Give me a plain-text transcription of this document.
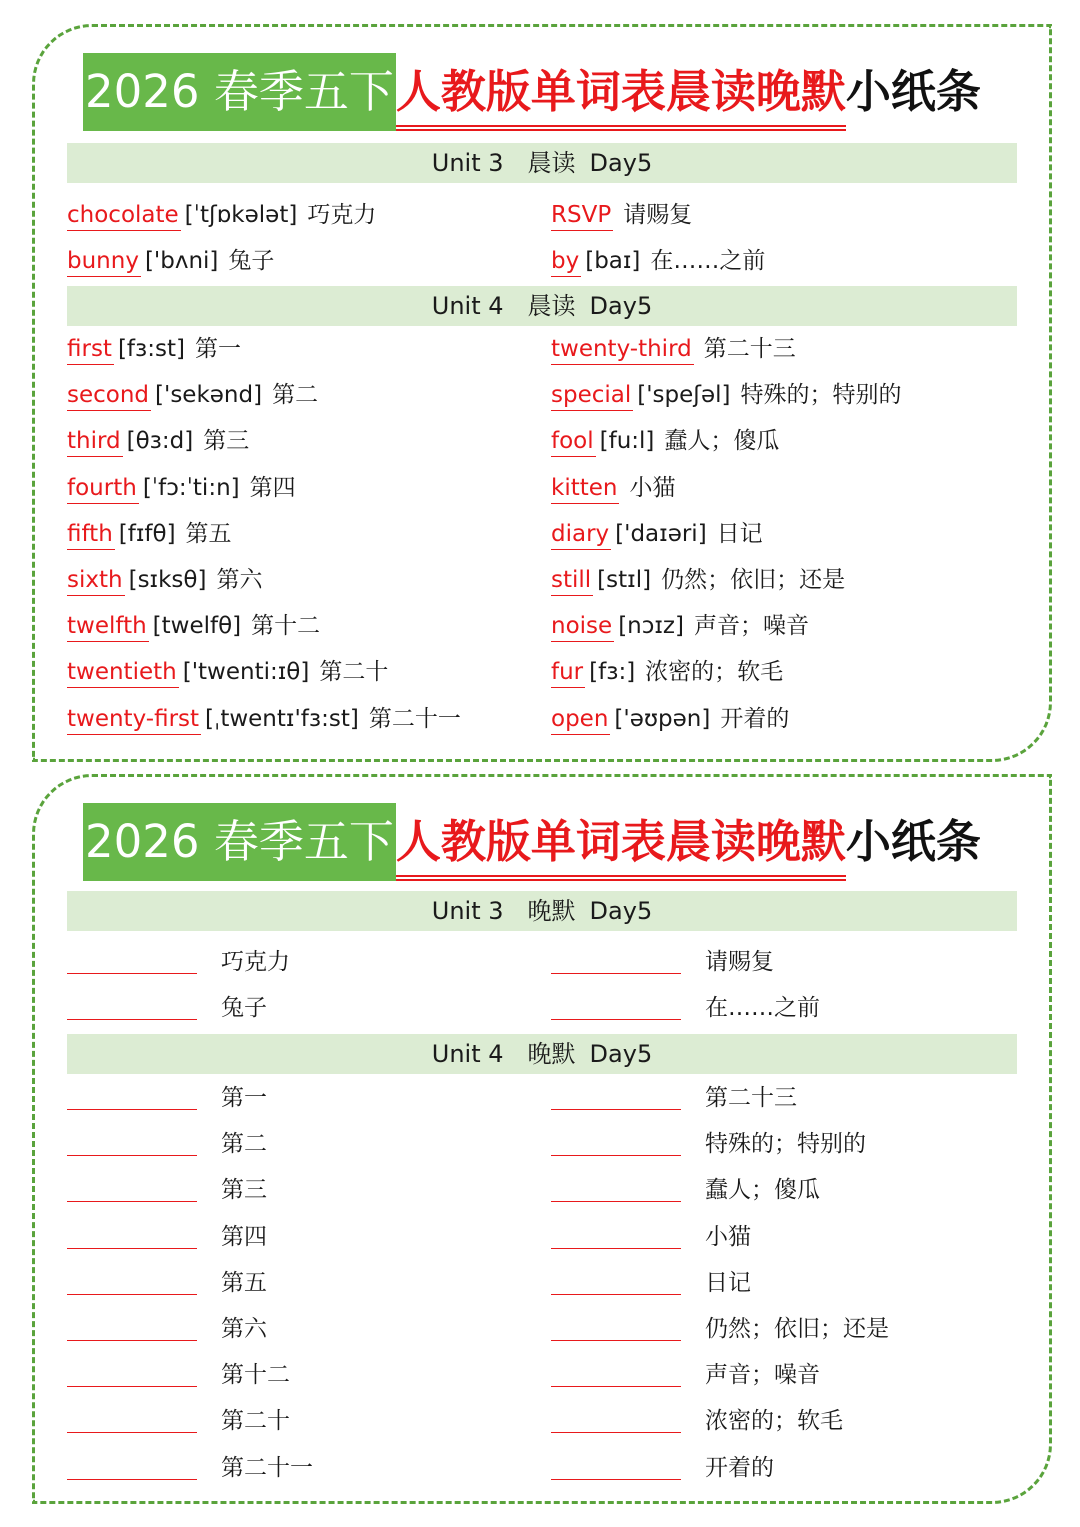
2026 春季五下 人教版单词表晨读晚默 小纸条
Unit 3 晨读 Day5
chocolate [ˈtʃɒkələt] 巧克力
bunny ['bʌni] 兔子
RSVP 请赐复
by [baɪ] 在……之前
Unit 4 晨读 Day5
first [fɜ:st] 第一
second ['sekənd] 第二
third [θɜ:d] 第三
fourth [ˈfɔ:ˈti:n] 第四
fifth [fɪfθ] 第五
sixth [sɪksθ] 第六
twelfth [twelfθ] 第十二
twentieth ['twenti:ɪθ] 第二十
twenty-first [ˌtwentɪ'fɜ:st] 第二十一
twenty-third 第二十三
special ['speʃəl] 特殊的；特别的
fool [fu:l] 蠢人；傻瓜
kitten 小猫
diary ['daɪəri] 日记
still [stɪl] 仍然；依旧；还是
noise [nɔɪz] 声音；噪音
fur [fɜ:] 浓密的；软毛
open ['əʊpən] 开着的
2026 春季五下 人教版单词表晨读晚默 小纸条
Unit 3 晚默 Day5
巧克力
兔子
请赐复
在……之前
Unit 4 晚默 Day5
第一
第二
第三
第四
第五
第六
第十二
第二十
第二十一
第二十三
特殊的；特别的
蠢人；傻瓜
小猫
日记
仍然；依旧；还是
声音；噪音
浓密的；软毛
开着的
